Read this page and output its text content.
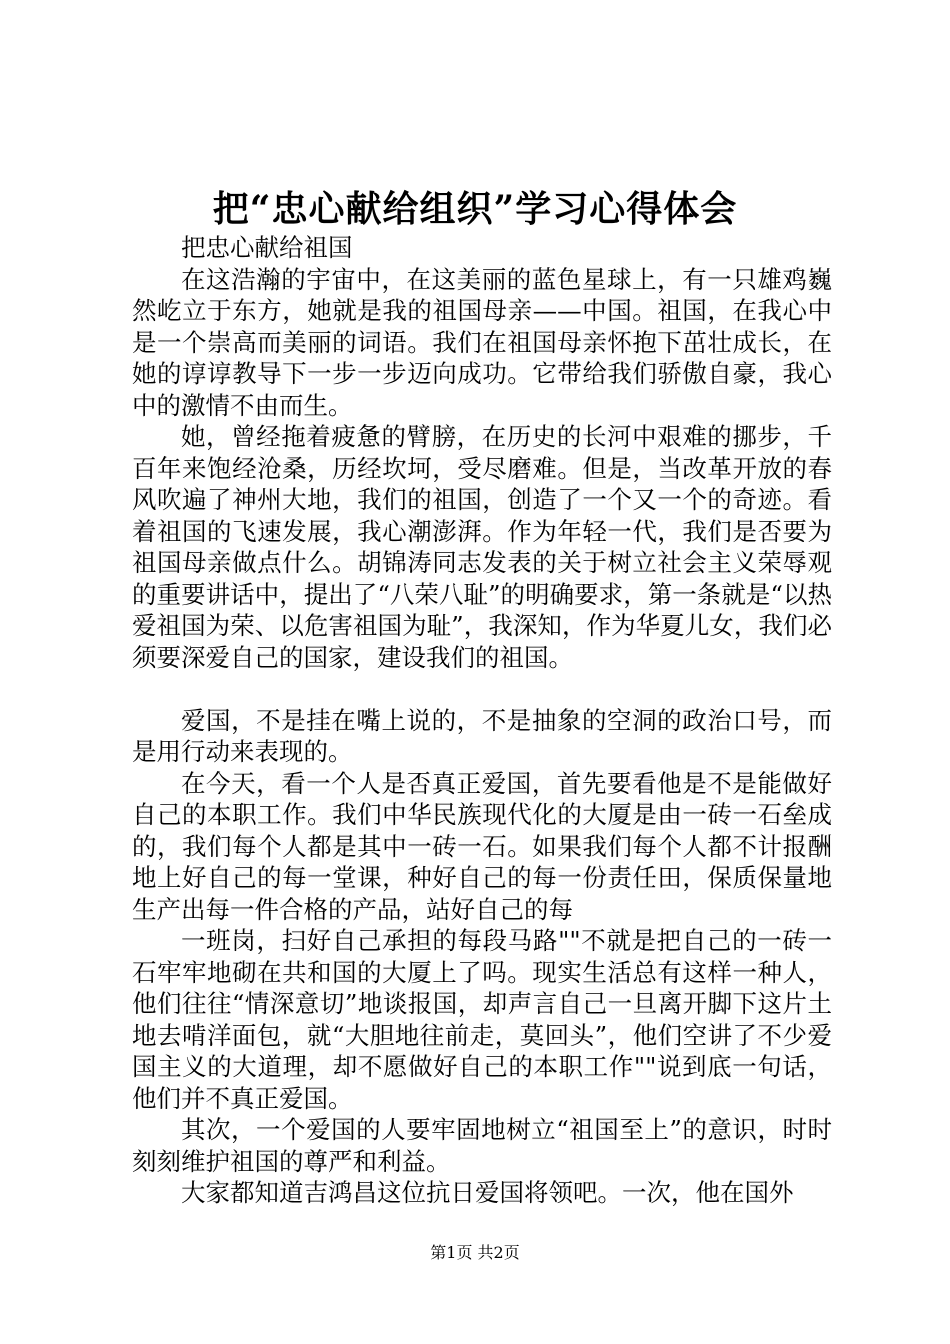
把“忠心献给组织”学习心得体会

把忠心献给祖国

在这浩瀚的宇宙中，在这美丽的蓝色星球上，有一只雄鸡巍然屹立于东方，她就是我的祖国母亲——中国。祖国，在我心中是一个崇高而美丽的词语。我们在祖国母亲怀抱下茁壮成长，在她的谆谆教导下一步一步迈向成功。它带给我们骄傲自豪，我心中的激情不由而生。

她，曾经拖着疲惫的臂膀，在历史的长河中艰难的挪步，千百年来饱经沧桑，历经坎坷，受尽磨难。但是，当改革开放的春风吹遍了神州大地，我们的祖国，创造了一个又一个的奇迹。看着祖国的飞速发展，我心潮澎湃。作为年轻一代，我们是否要为祖国母亲做点什么。胡锦涛同志发表的关于树立社会主义荣辱观的重要讲话中，提出了“八荣八耻”的明确要求，第一条就是“以热爱祖国为荣、以危害祖国为耻”，我深知，作为华夏儿女，我们必须要深爱自己的国家，建设我们的祖国。

爱国，不是挂在嘴上说的，不是抽象的空洞的政治口号，而是用行动来表现的。

在今天，看一个人是否真正爱国，首先要看他是不是能做好自己的本职工作。我们中华民族现代化的大厦是由一砖一石垒成的，我们每个人都是其中一砖一石。如果我们每个人都不计报酬地上好自己的每一堂课，种好自己的每一份责任田，保质保量地生产出每一件合格的产品，站好自己的每

一班岗，扫好自己承担的每段马路""不就是把自己的一砖一石牢牢地砌在共和国的大厦上了吗。现实生活总有这样一种人，他们往往“情深意切”地谈报国，却声言自己一旦离开脚下这片土地去啃洋面包，就“大胆地往前走，莫回头”，他们空讲了不少爱国主义的大道理，却不愿做好自己的本职工作""说到底一句话，他们并不真正爱国。

其次，一个爱国的人要牢固地树立“祖国至上”的意识，时时刻刻维护祖国的尊严和利益。

大家都知道吉鸿昌这位抗日爱国将领吧。一次，他在国外

第1页 共2页
